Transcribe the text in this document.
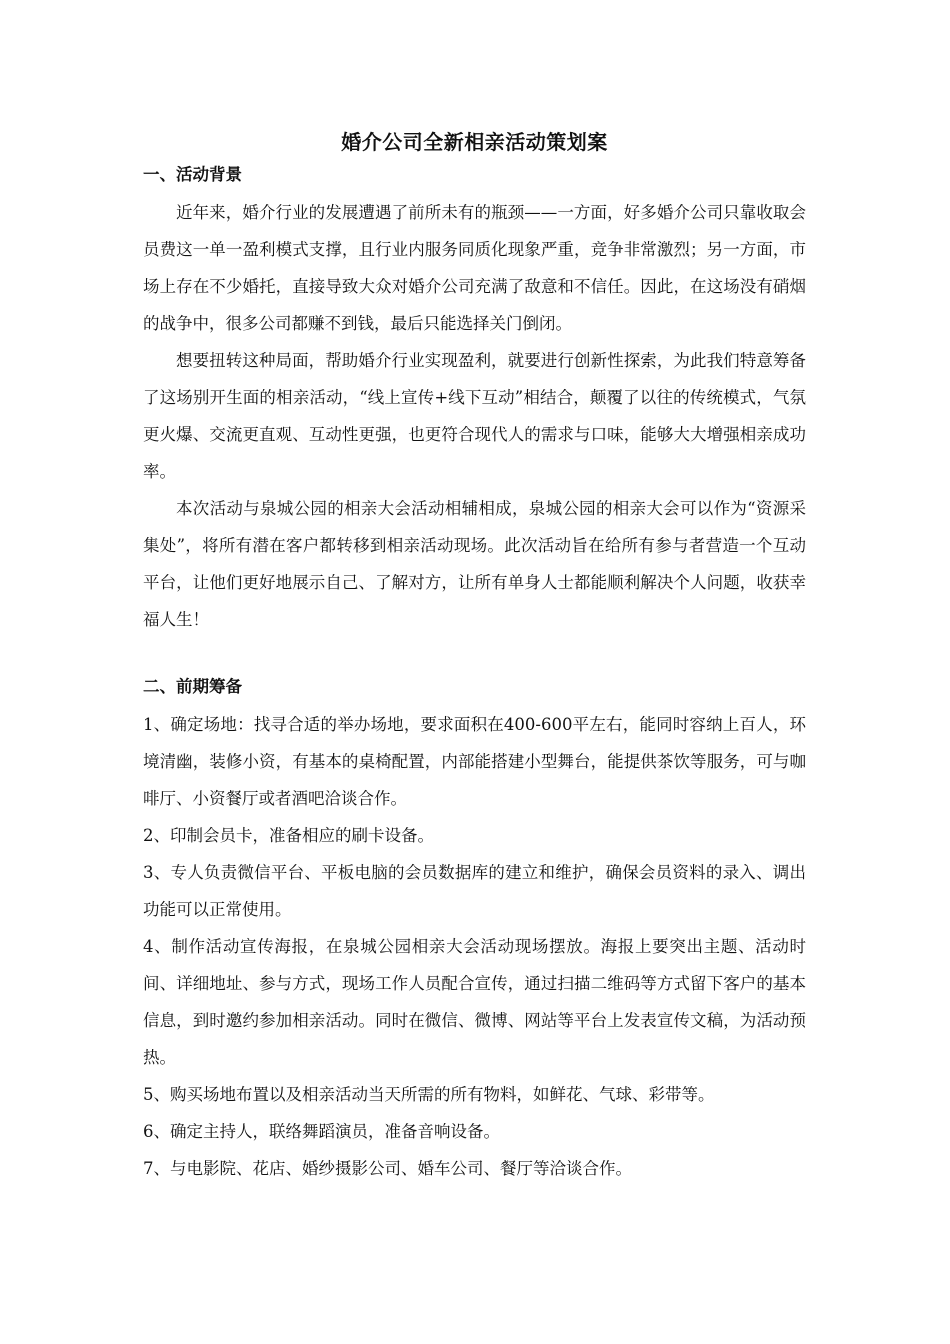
婚介公司全新相亲活动策划案
一、活动背景

近年来，婚介行业的发展遭遇了前所未有的瓶颈——一方面，好多婚介公司只靠收取会员费这一单一盈利模式支撑，且行业内服务同质化现象严重，竞争非常激烈；另一方面，市场上存在不少婚托，直接导致大众对婚介公司充满了敌意和不信任。因此，在这场没有硝烟的战争中，很多公司都赚不到钱，最后只能选择关门倒闭。

想要扭转这种局面，帮助婚介行业实现盈利，就要进行创新性探索，为此我们特意筹备了这场别开生面的相亲活动，“线上宣传+线下互动”相结合，颠覆了以往的传统模式，气氛更火爆、交流更直观、互动性更强，也更符合现代人的需求与口味，能够大大增强相亲成功率。

本次活动与泉城公园的相亲大会活动相辅相成，泉城公园的相亲大会可以作为“资源采集处”，将所有潜在客户都转移到相亲活动现场。此次活动旨在给所有参与者营造一个互动平台，让他们更好地展示自己、了解对方，让所有单身人士都能顺利解决个人问题，收获幸福人生！

二、前期筹备

1、确定场地：找寻合适的举办场地，要求面积在400-600平左右，能同时容纳上百人，环境清幽，装修小资，有基本的桌椅配置，内部能搭建小型舞台，能提供茶饮等服务，可与咖啡厅、小资餐厅或者酒吧洽谈合作。

2、印制会员卡，准备相应的刷卡设备。

3、专人负责微信平台、平板电脑的会员数据库的建立和维护，确保会员资料的录入、调出功能可以正常使用。

4、制作活动宣传海报，在泉城公园相亲大会活动现场摆放。海报上要突出主题、活动时间、详细地址、参与方式，现场工作人员配合宣传，通过扫描二维码等方式留下客户的基本信息，到时邀约参加相亲活动。同时在微信、微博、网站等平台上发表宣传文稿，为活动预热。

5、购买场地布置以及相亲活动当天所需的所有物料，如鲜花、气球、彩带等。

6、确定主持人，联络舞蹈演员，准备音响设备。

7、与电影院、花店、婚纱摄影公司、婚车公司、餐厅等洽谈合作。
